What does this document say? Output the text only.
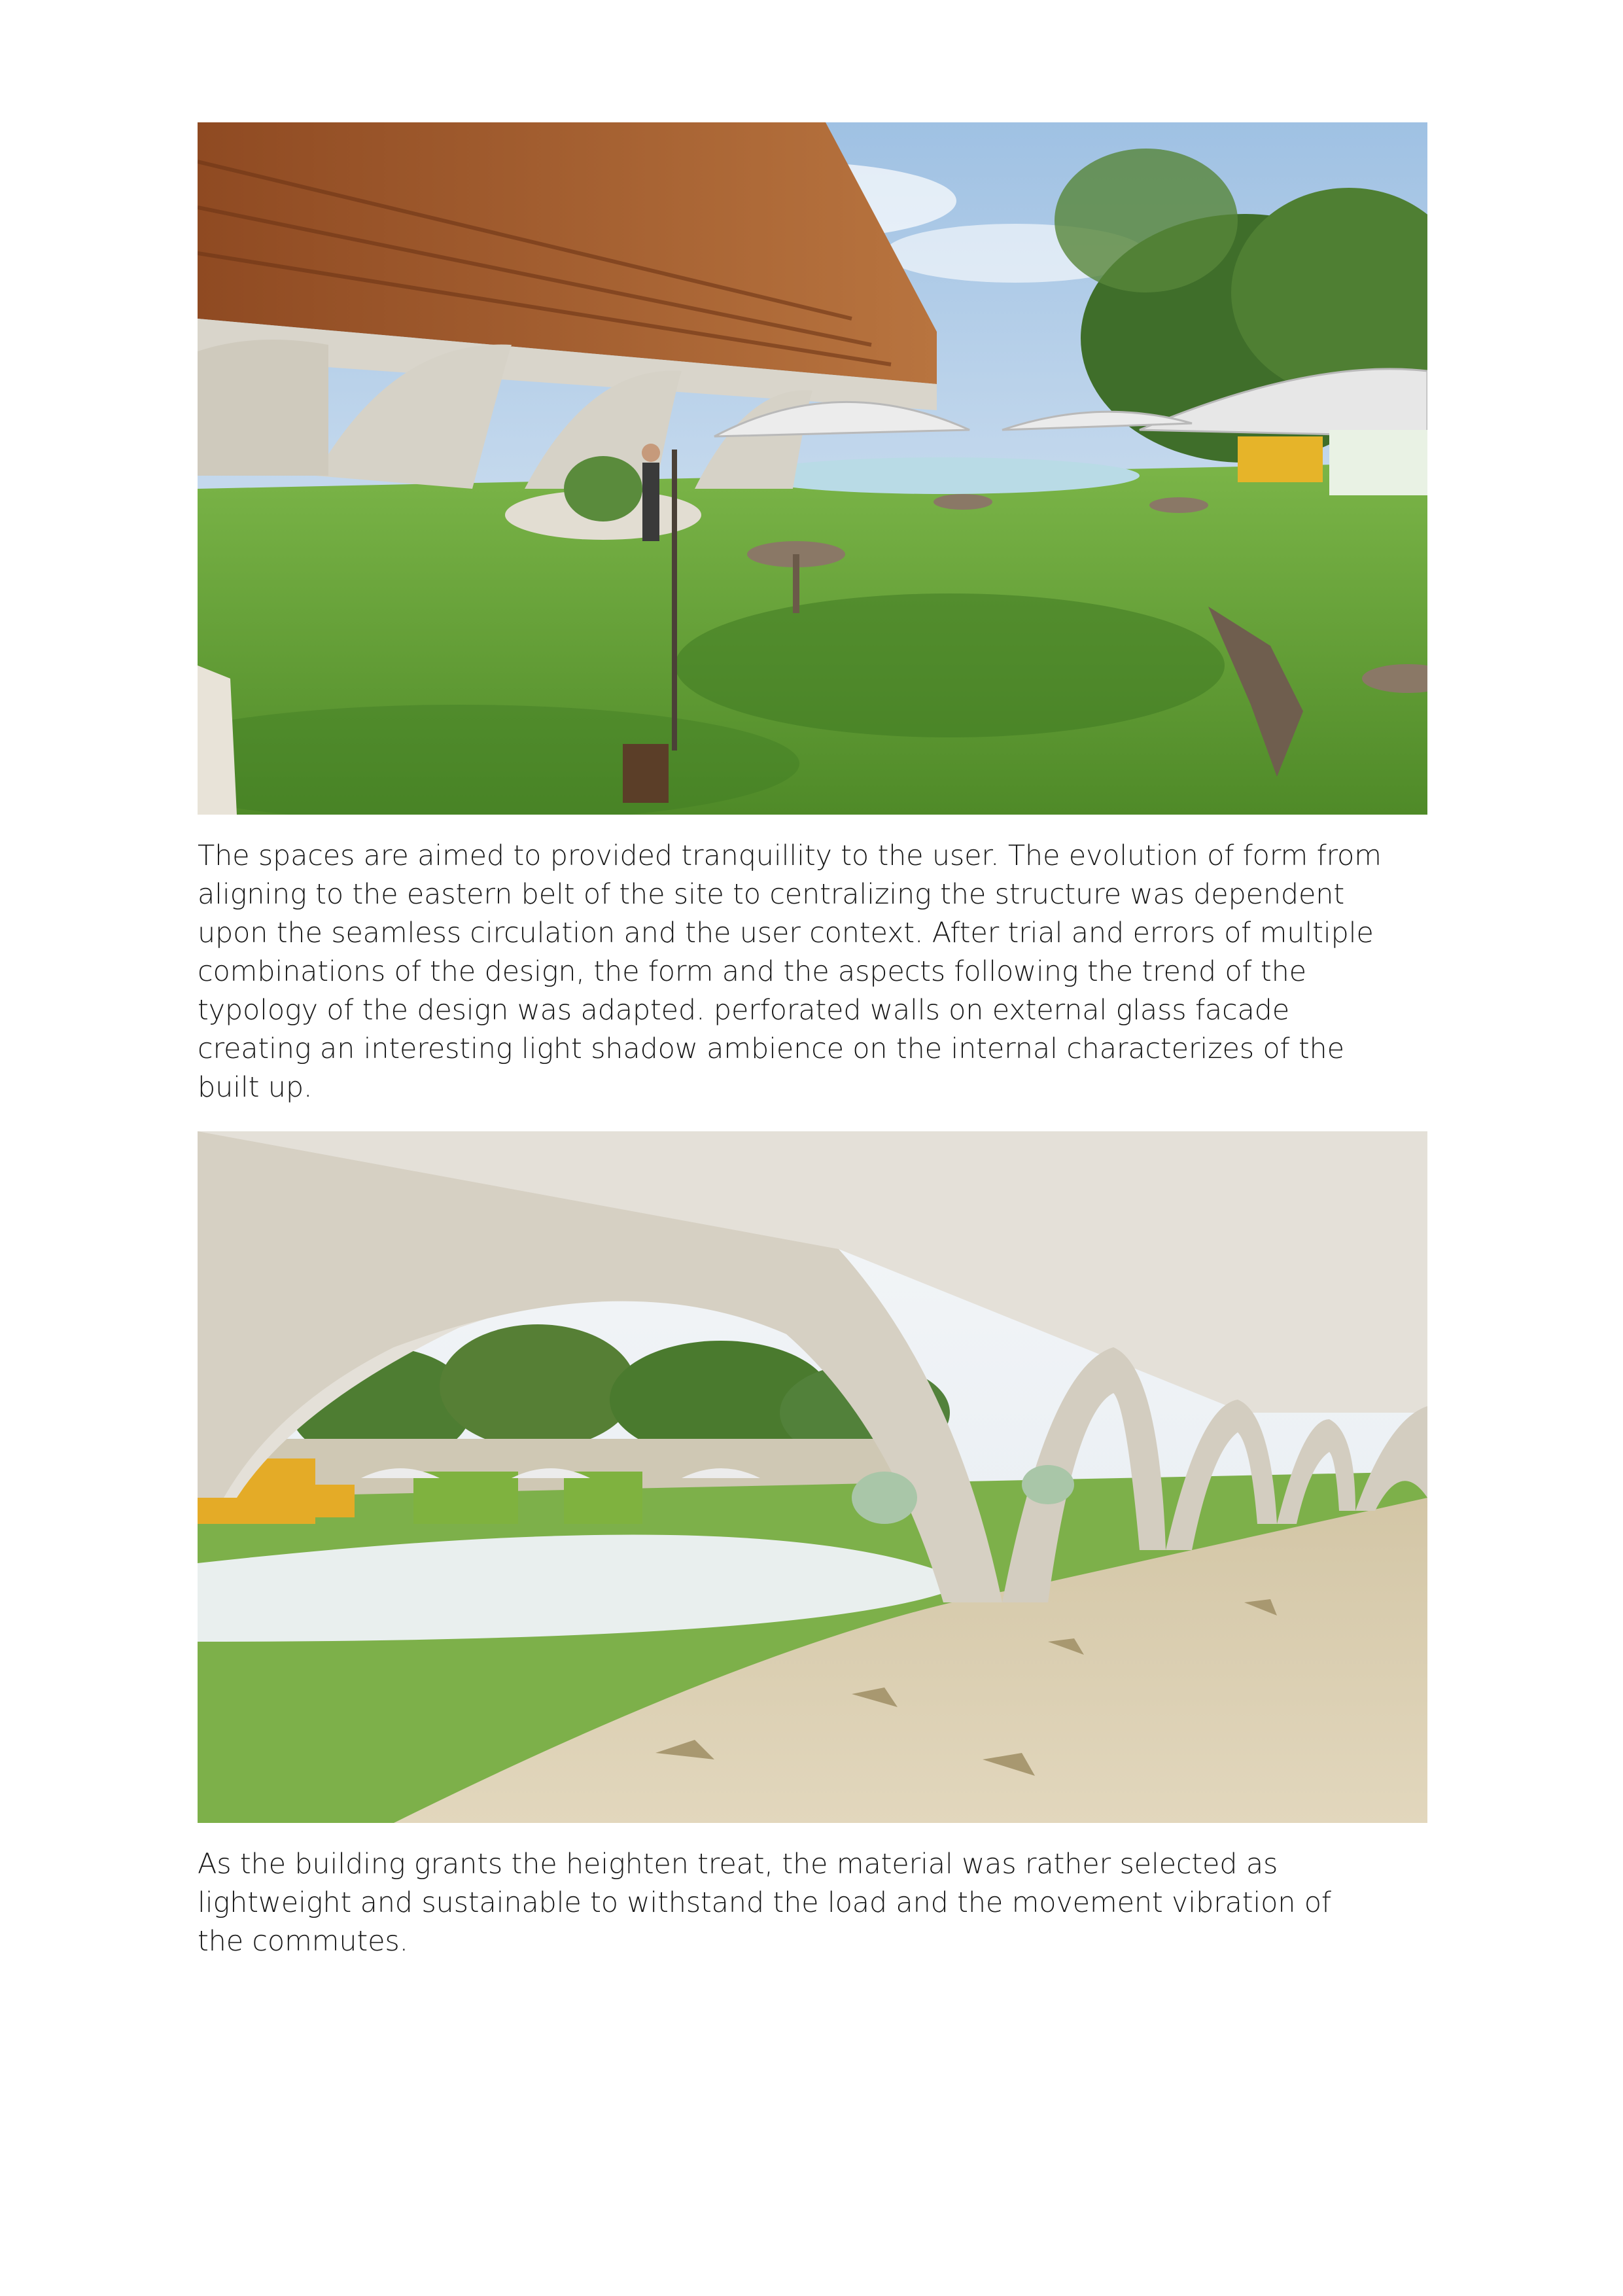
The spaces are aimed to provided tranquillity to the user. The evolution of form from
aligning to the eastern belt of the site to centralizing the structure was dependent
upon the seamless circulation and the user context. After trial and errors of multiple
combinations of the design, the form and the aspects following the trend of the
typology of the design was adapted. perforated walls on external glass facade
creating an interesting light shadow ambience on the internal characterizes of the
built up.

As the building grants the heighten treat, the material was rather selected as
lightweight and sustainable to withstand the load and the movement vibration of
the commutes.
